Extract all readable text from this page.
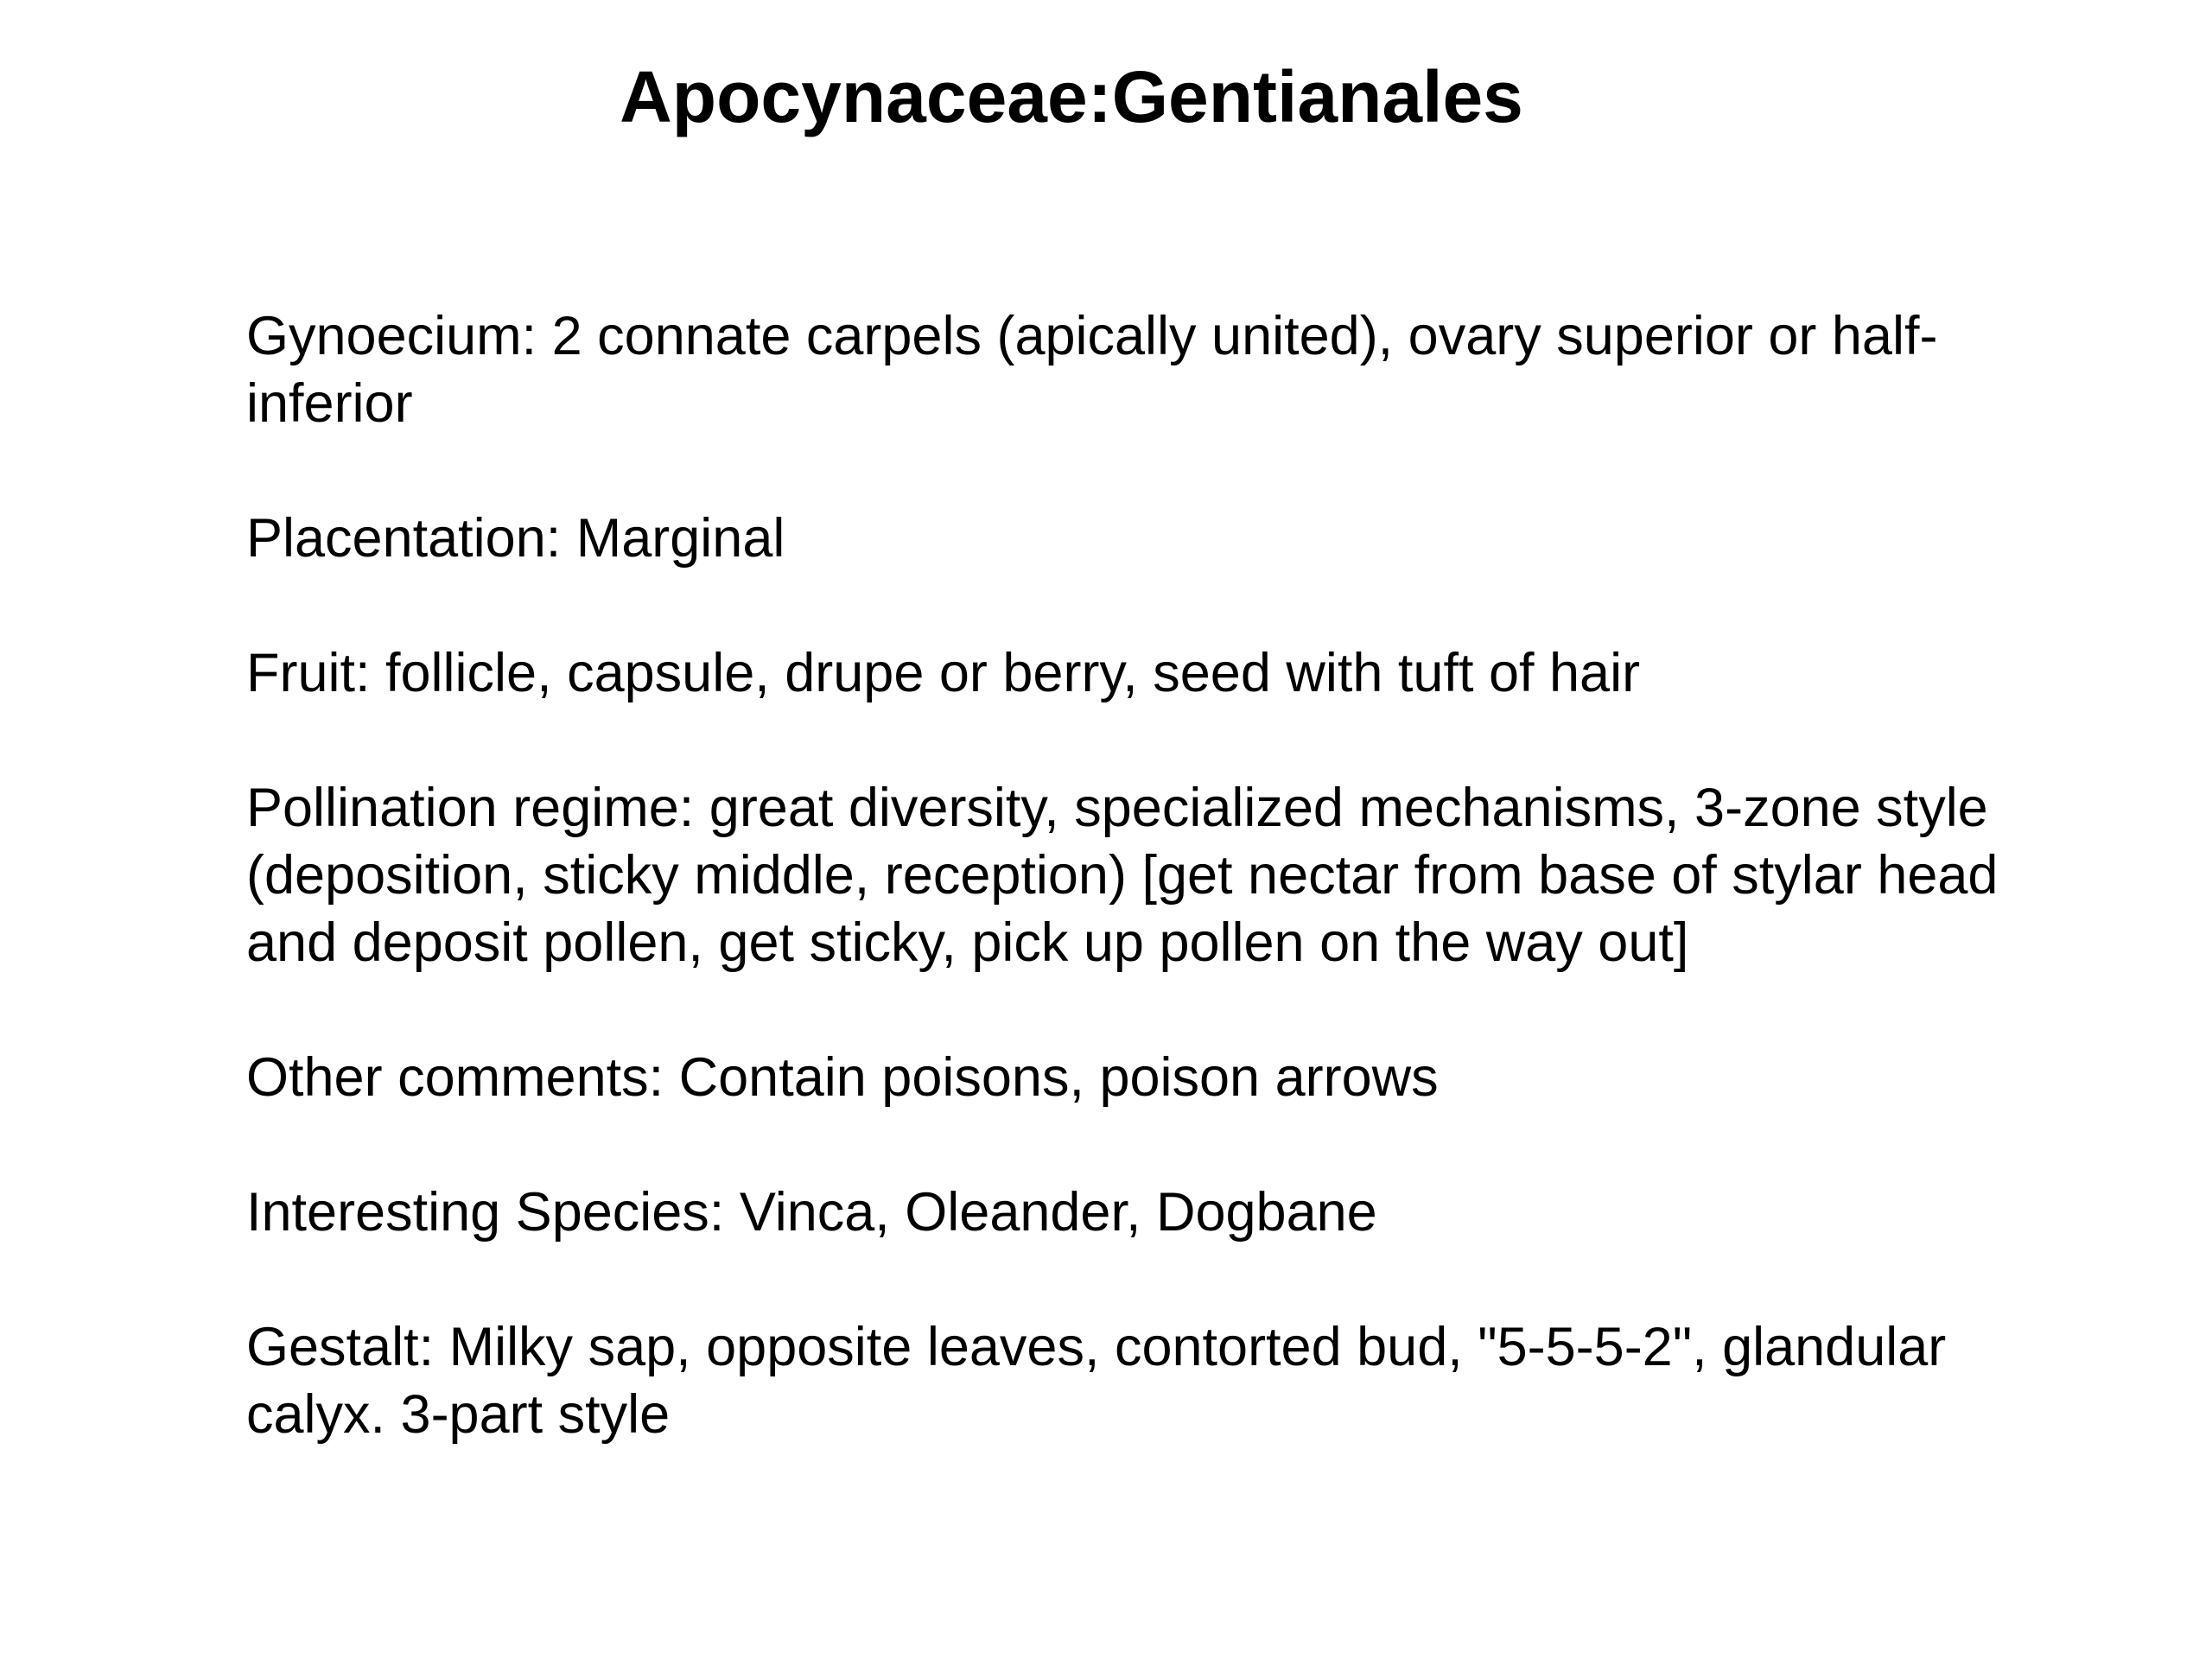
Apocynaceae:Gentianales

Gynoecium: 2 connate carpels (apically united), ovary superior or half-
inferior

Placentation: Marginal

Fruit: follicle, capsule, drupe or berry, seed with tuft of hair

Pollination regime: great diversity, specialized mechanisms, 3-zone style
(deposition, sticky middle, reception) [get nectar from base of stylar head
and deposit pollen, get sticky, pick up pollen on the way out]

Other comments: Contain poisons, poison arrows

Interesting Species: Vinca, Oleander, Dogbane

Gestalt: Milky sap, opposite leaves, contorted bud, "5-5-5-2", glandular
calyx. 3-part style
